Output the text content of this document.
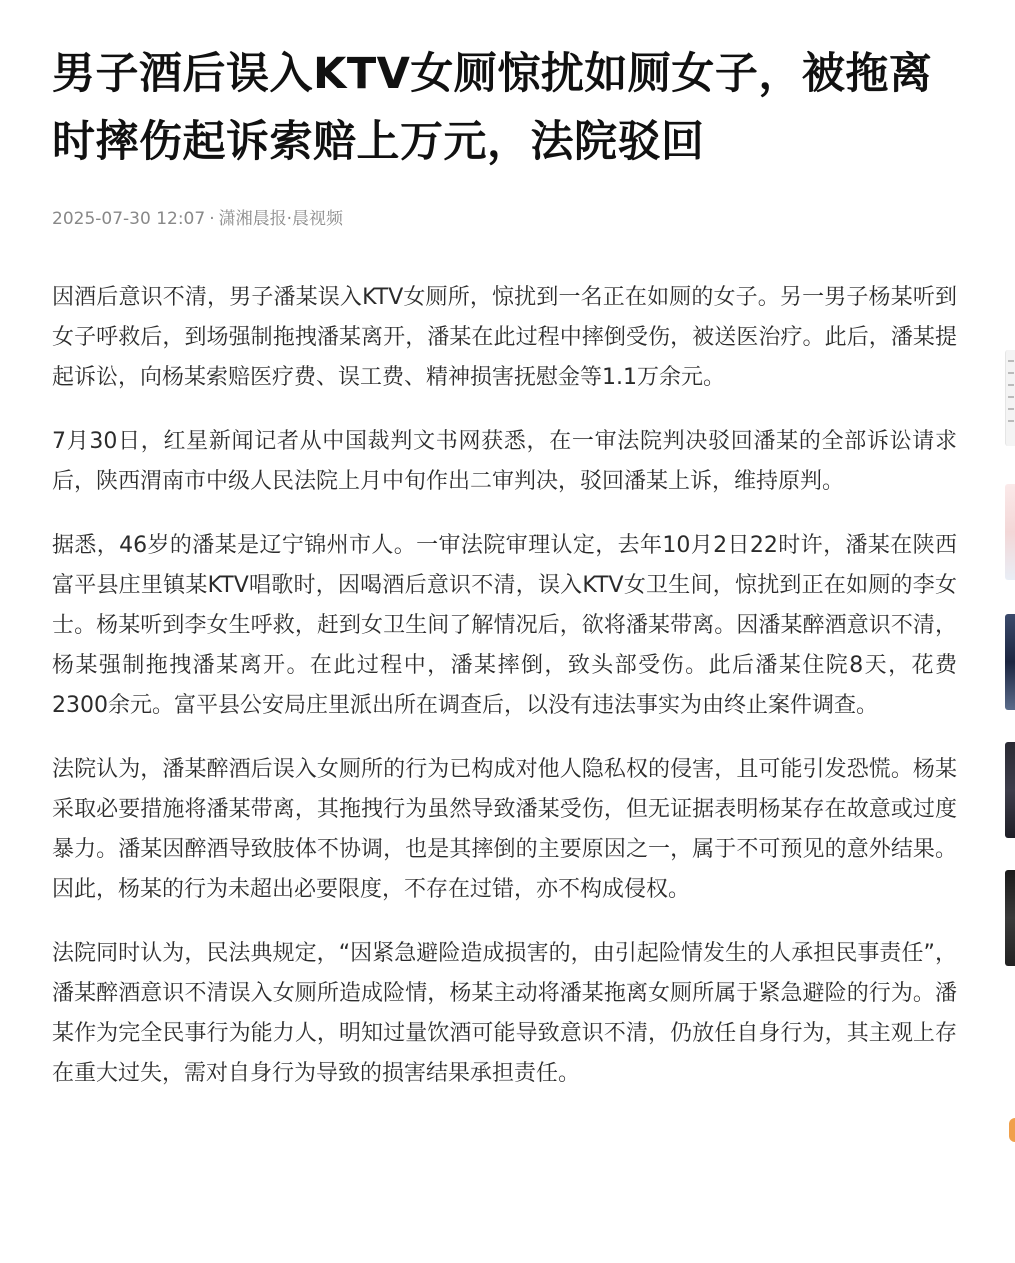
男子酒后误入KTV女厕惊扰如厕女子，被拖离时摔伤起诉索赔上万元，法院驳回
2025-07-30 12:07 · 潇湘晨报·晨视频

因酒后意识不清，男子潘某误入KTV女厕所，惊扰到一名正在如厕的女子。另一男子杨某听到女子呼救后，到场强制拖拽潘某离开，潘某在此过程中摔倒受伤，被送医治疗。此后，潘某提起诉讼，向杨某索赔医疗费、误工费、精神损害抚慰金等1.1万余元。

7月30日，红星新闻记者从中国裁判文书网获悉，在一审法院判决驳回潘某的全部诉讼请求后，陕西渭南市中级人民法院上月中旬作出二审判决，驳回潘某上诉，维持原判。

据悉，46岁的潘某是辽宁锦州市人。一审法院审理认定，去年10月2日22时许，潘某在陕西富平县庄里镇某KTV唱歌时，因喝酒后意识不清，误入KTV女卫生间，惊扰到正在如厕的李女士。杨某听到李女生呼救，赶到女卫生间了解情况后，欲将潘某带离。因潘某醉酒意识不清，杨某强制拖拽潘某离开。在此过程中，潘某摔倒，致头部受伤。此后潘某住院8天，花费2300余元。富平县公安局庄里派出所在调查后，以没有违法事实为由终止案件调查。

法院认为，潘某醉酒后误入女厕所的行为已构成对他人隐私权的侵害，且可能引发恐慌。杨某采取必要措施将潘某带离，其拖拽行为虽然导致潘某受伤，但无证据表明杨某存在故意或过度暴力。潘某因醉酒导致肢体不协调，也是其摔倒的主要原因之一，属于不可预见的意外结果。因此，杨某的行为未超出必要限度，不存在过错，亦不构成侵权。

法院同时认为，民法典规定，“因紧急避险造成损害的，由引起险情发生的人承担民事责任”，潘某醉酒意识不清误入女厕所造成险情，杨某主动将潘某拖离女厕所属于紧急避险的行为。潘某作为完全民事行为能力人，明知过量饮酒可能导致意识不清，仍放任自身行为，其主观上存在重大过失，需对自身行为导致的损害结果承担责任。
